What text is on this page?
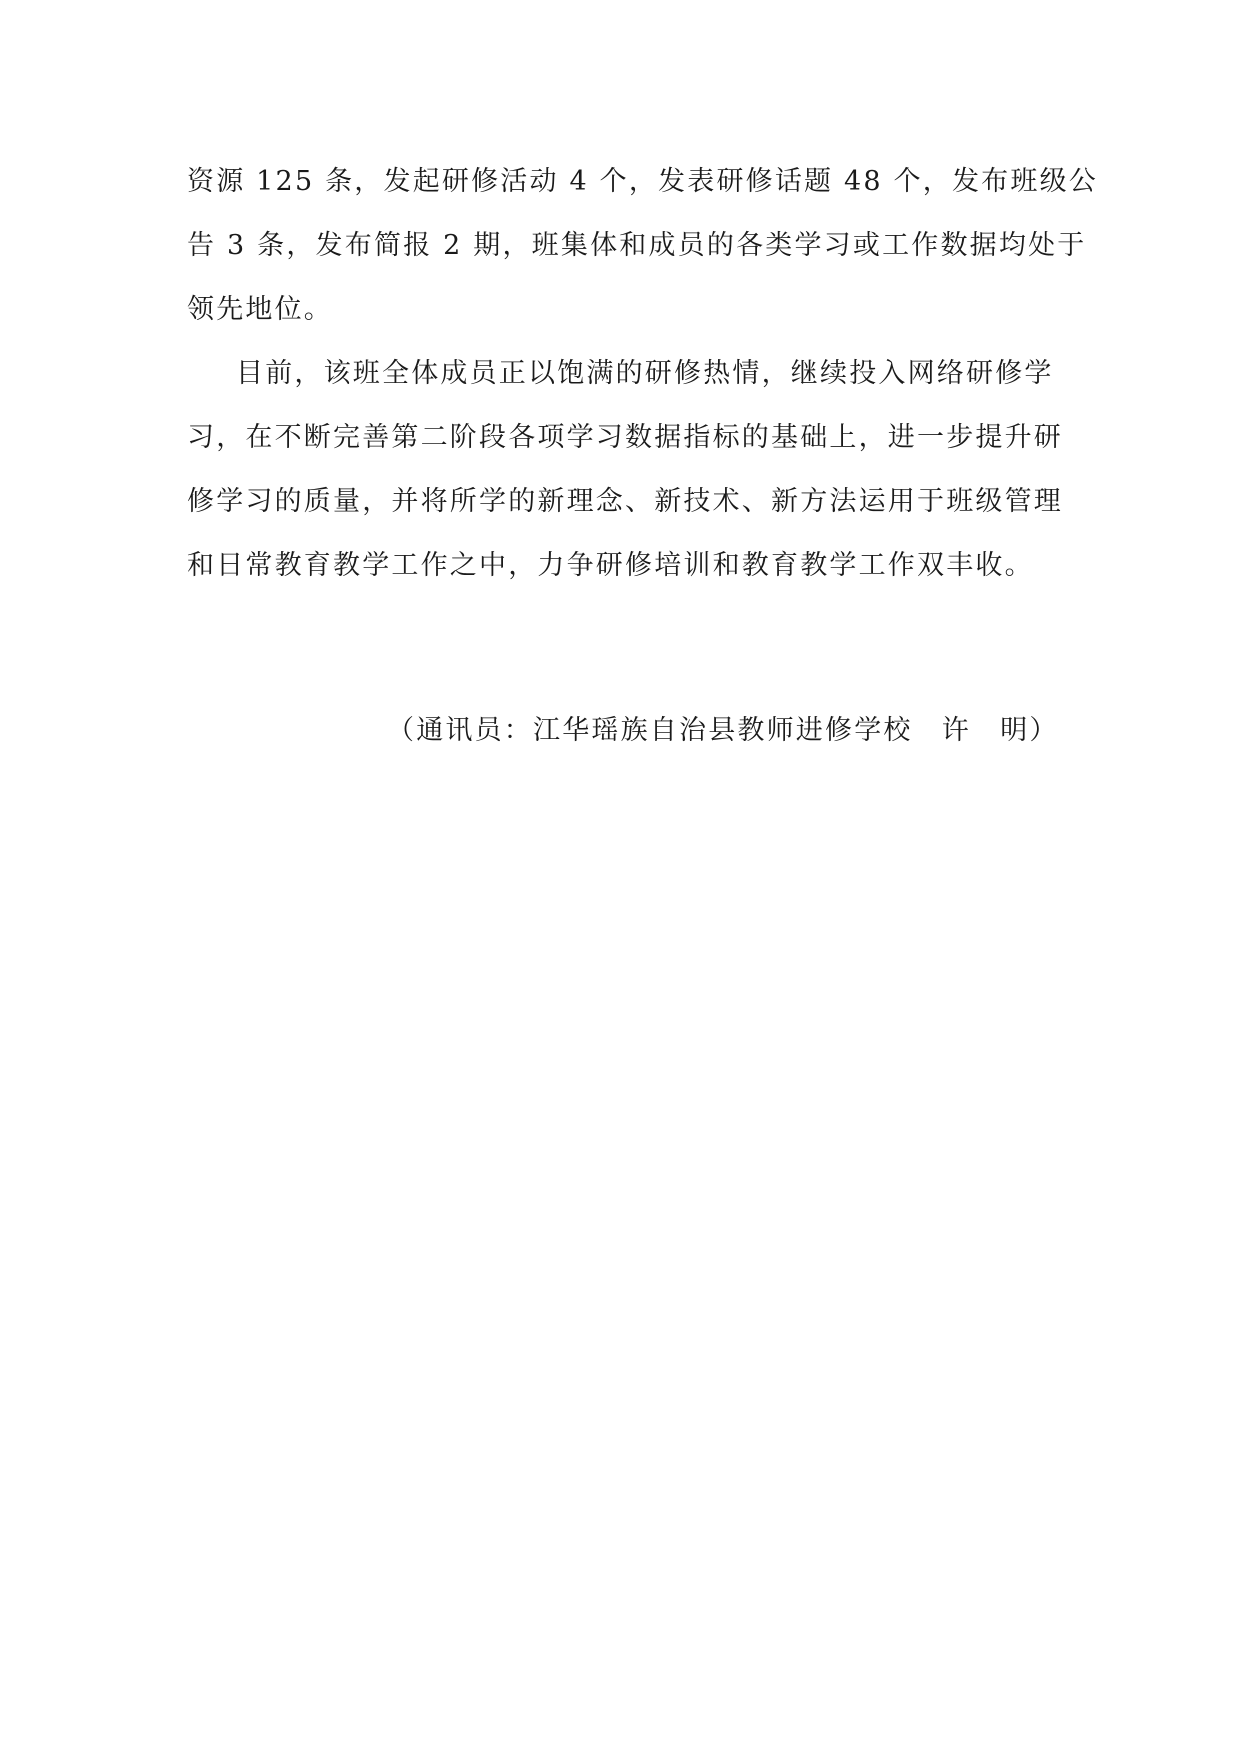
资源 125 条，发起研修活动 4 个，发表研修话题 48 个，发布班级公
告 3 条，发布简报 2 期，班集体和成员的各类学习或工作数据均处于
领先地位。
目前，该班全体成员正以饱满的研修热情，继续投入网络研修学
习，在不断完善第二阶段各项学习数据指标的基础上，进一步提升研
修学习的质量，并将所学的新理念、新技术、新方法运用于班级管理
和日常教育教学工作之中，力争研修培训和教育教学工作双丰收。
（通讯员：江华瑶族自治县教师进修学校　许　明）
